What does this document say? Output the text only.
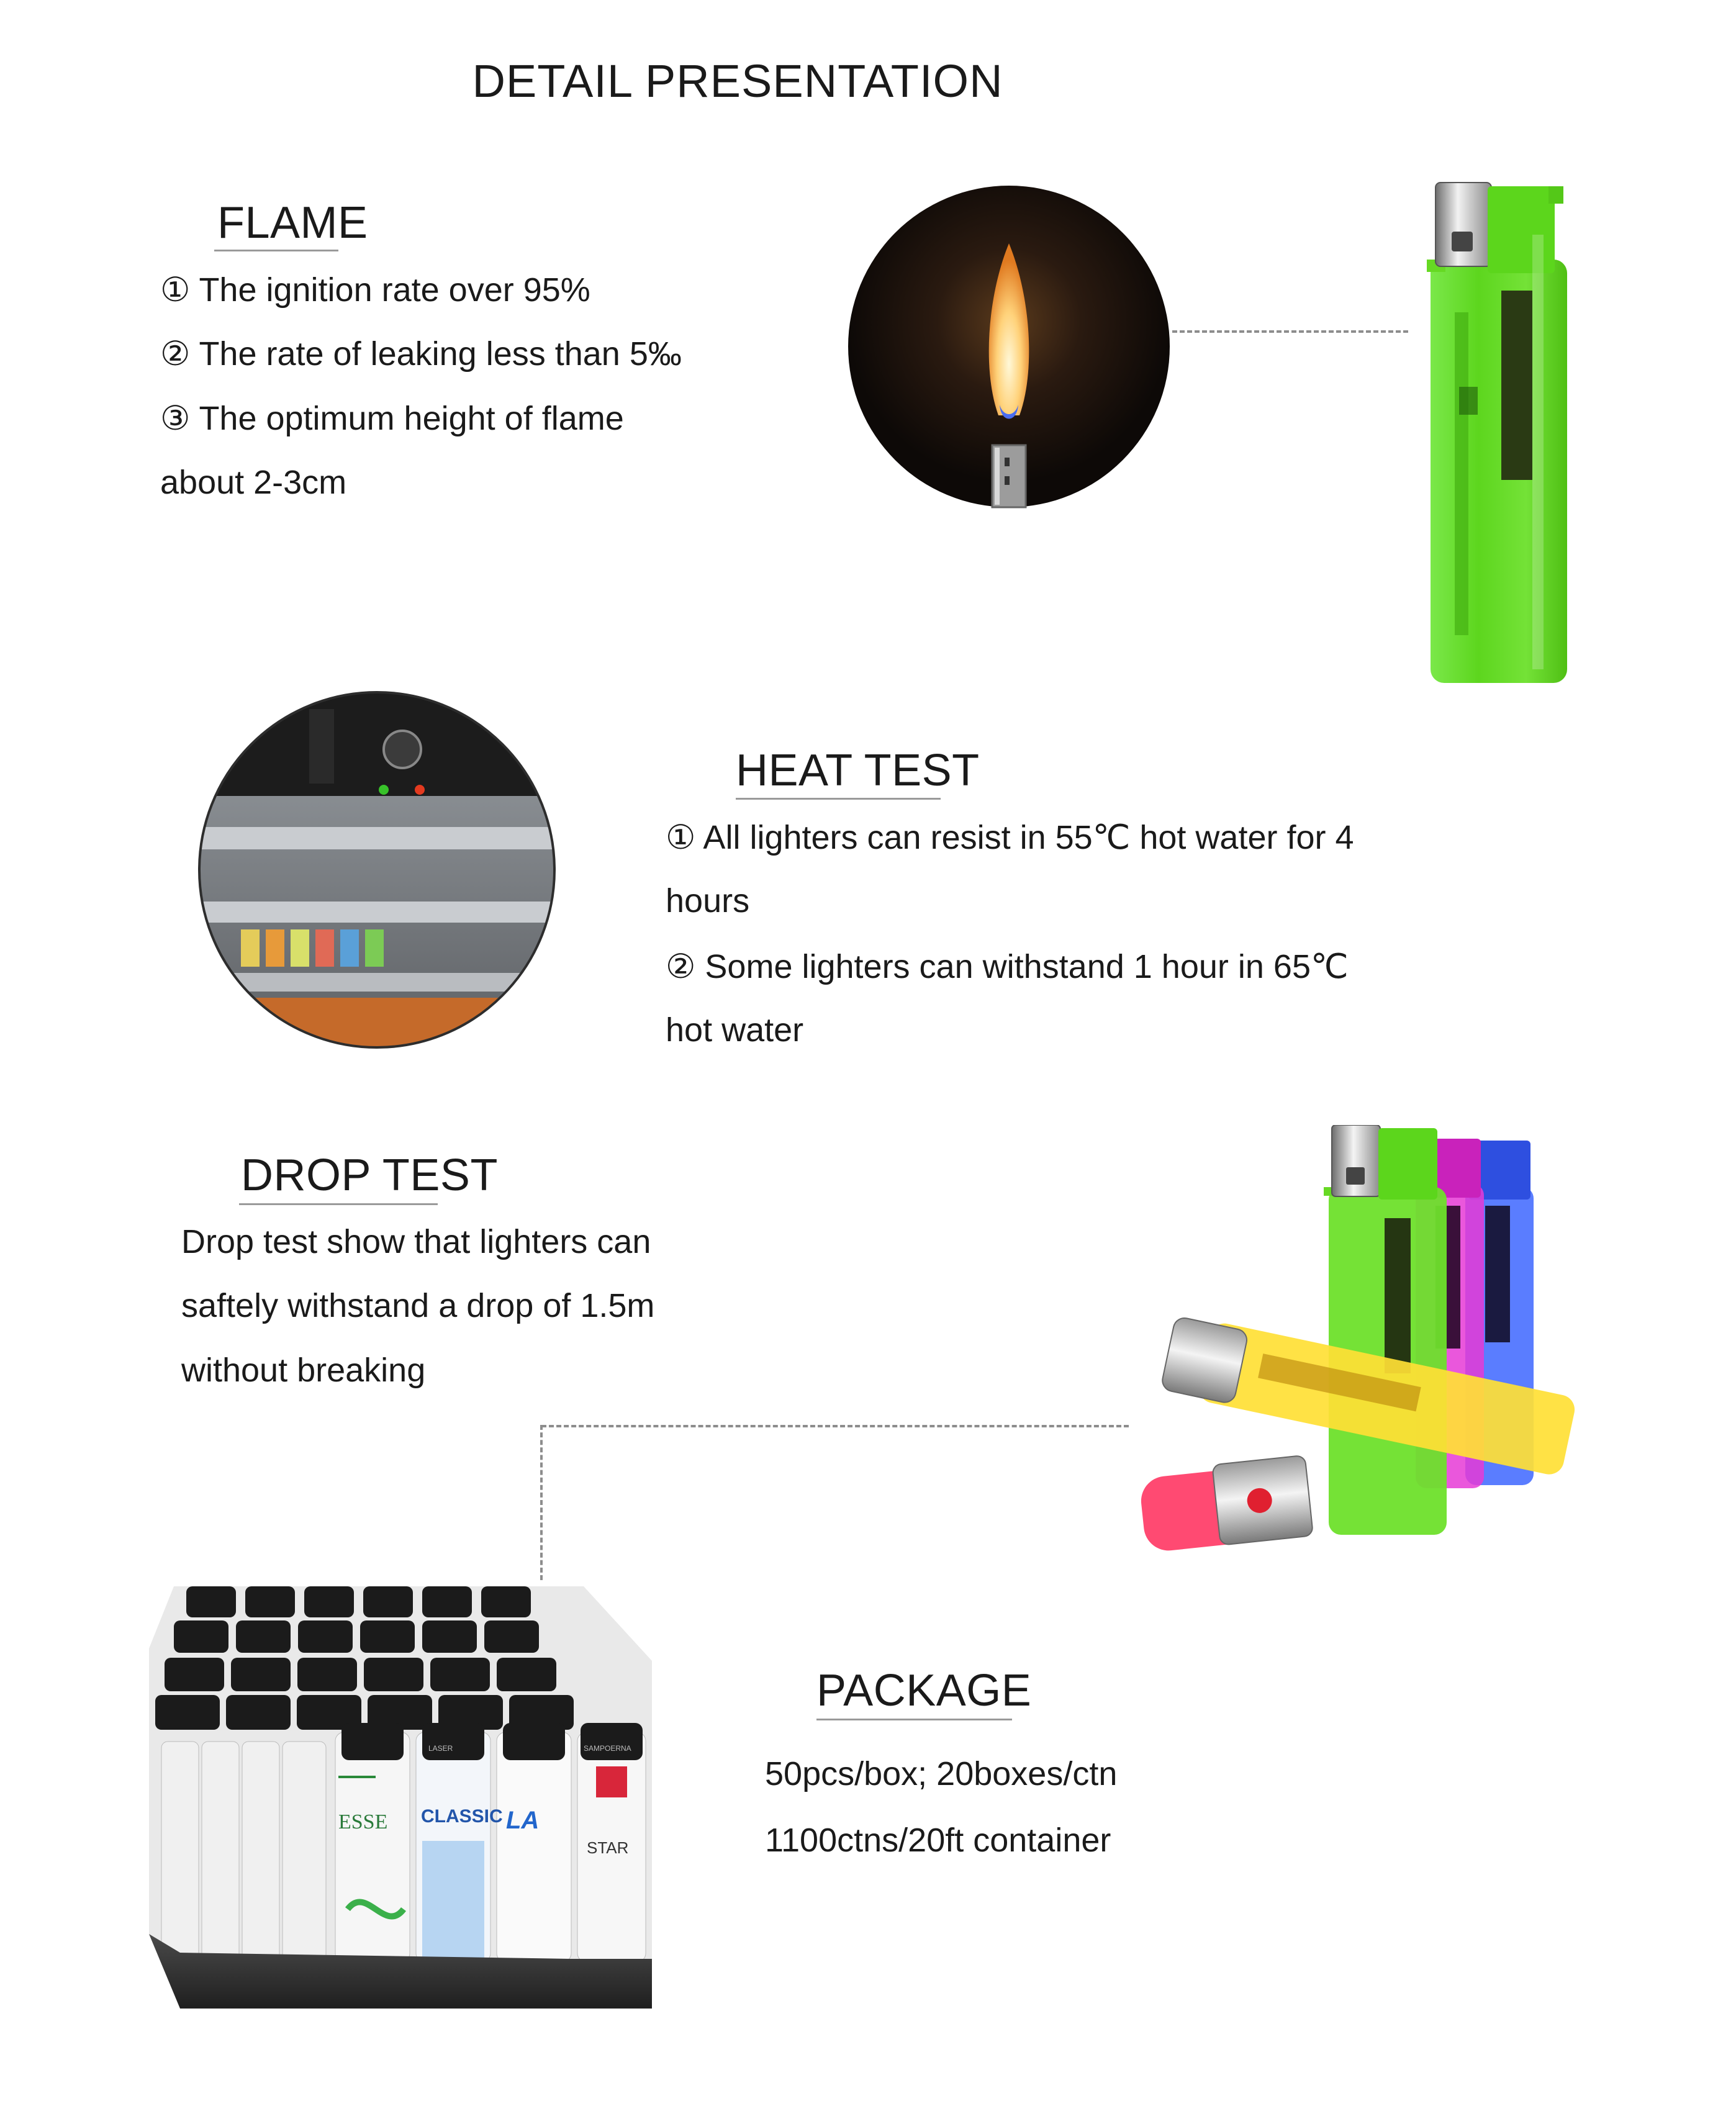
DETAIL PRESENTATION
FLAME
① The ignition rate over 95%
② The rate of leaking less than 5‰
③ The optimum height of flame
about 2-3cm
HEAT TEST
① All lighters can resist in 55℃ hot water for 4
hours
② Some lighters can withstand 1 hour in 65℃
hot water
DROP TEST
Drop test show that lighters can
saftely withstand a drop of 1.5m
without breaking
ESSE CLASSIC LA
STAR
SAMPOERNA
LASER
PACKAGE
50pcs/box; 20boxes/ctn
1100ctns/20ft container
